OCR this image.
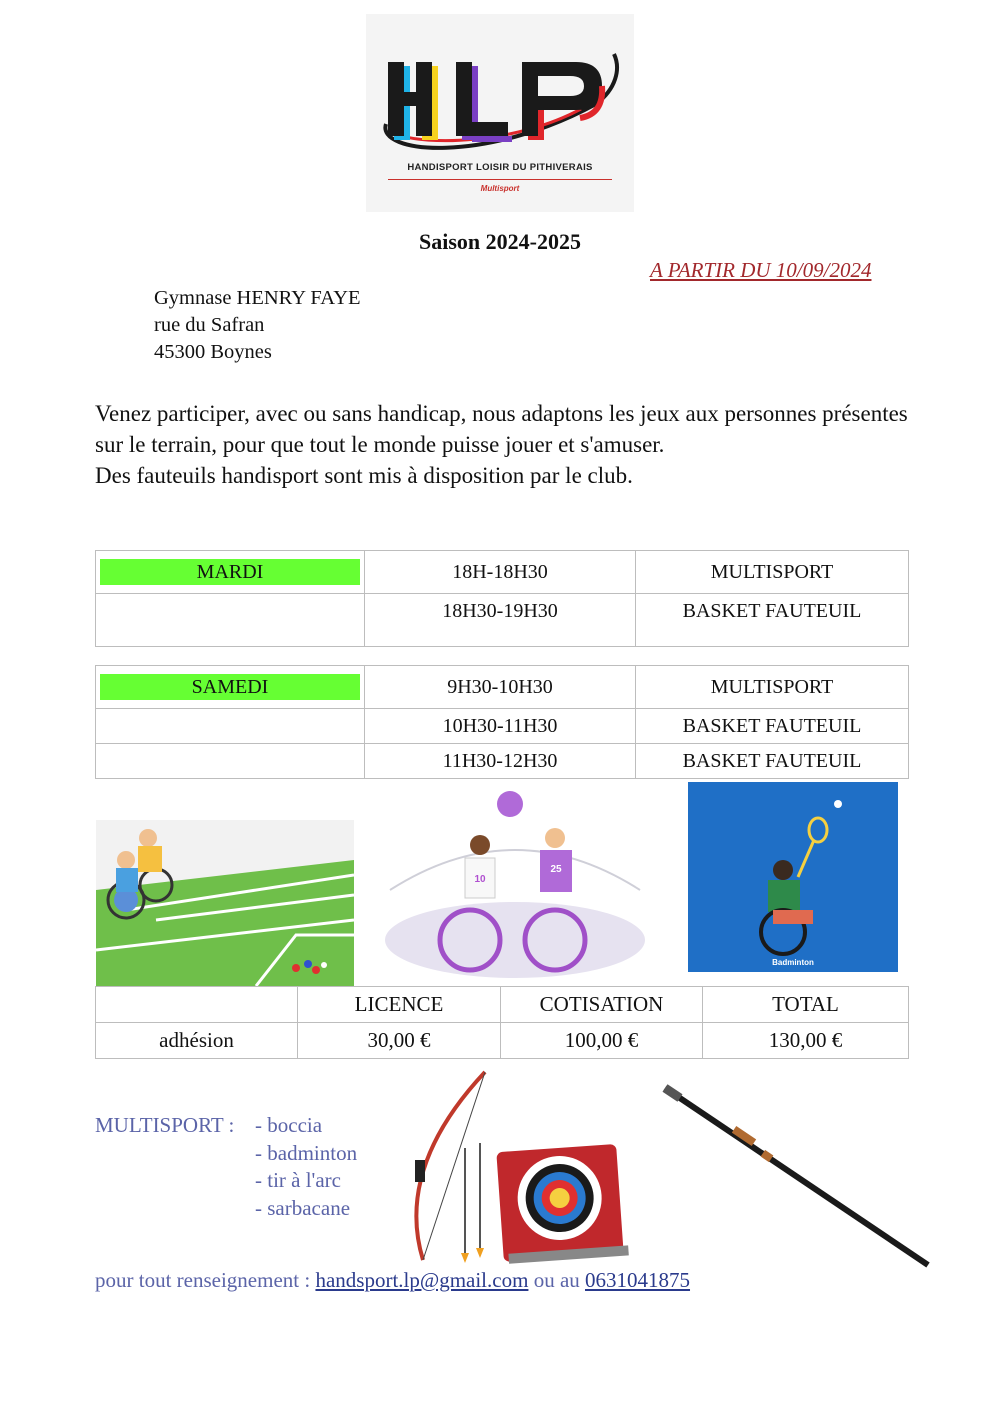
HANDISPORT LOISIR DU PITHIVERAIS
Multisport
Saison 2024-2025
A PARTIR DU 10/09/2024
Gymnase HENRY FAYE
rue du Safran
45300 Boynes

Venez participer, avec ou sans handicap, nous adaptons les jeux aux personnes présentes sur le terrain, pour que tout le monde puisse jouer et s'amuser.

Des fauteuils handisport sont mis à disposition par le club.

MARDI	18H-18H30	MULTISPORT
	18H30-19H30	BASKET FAUTEUIL
SAMEDI	9H30-10H30	MULTISPORT
	10H30-11H30	BASKET FAUTEUIL
	11H30-12H30	BASKET FAUTEUIL
10
25
Badminton
	LICENCE	COTISATION	TOTAL
adhésion	30,00 €	100,00 €	130,00 €
MULTISPORT : - boccia
- badminton
- tir à l'arc
- sarbacane
pour tout renseignement : handsport.lp@gmail.com ou au 0631041875
